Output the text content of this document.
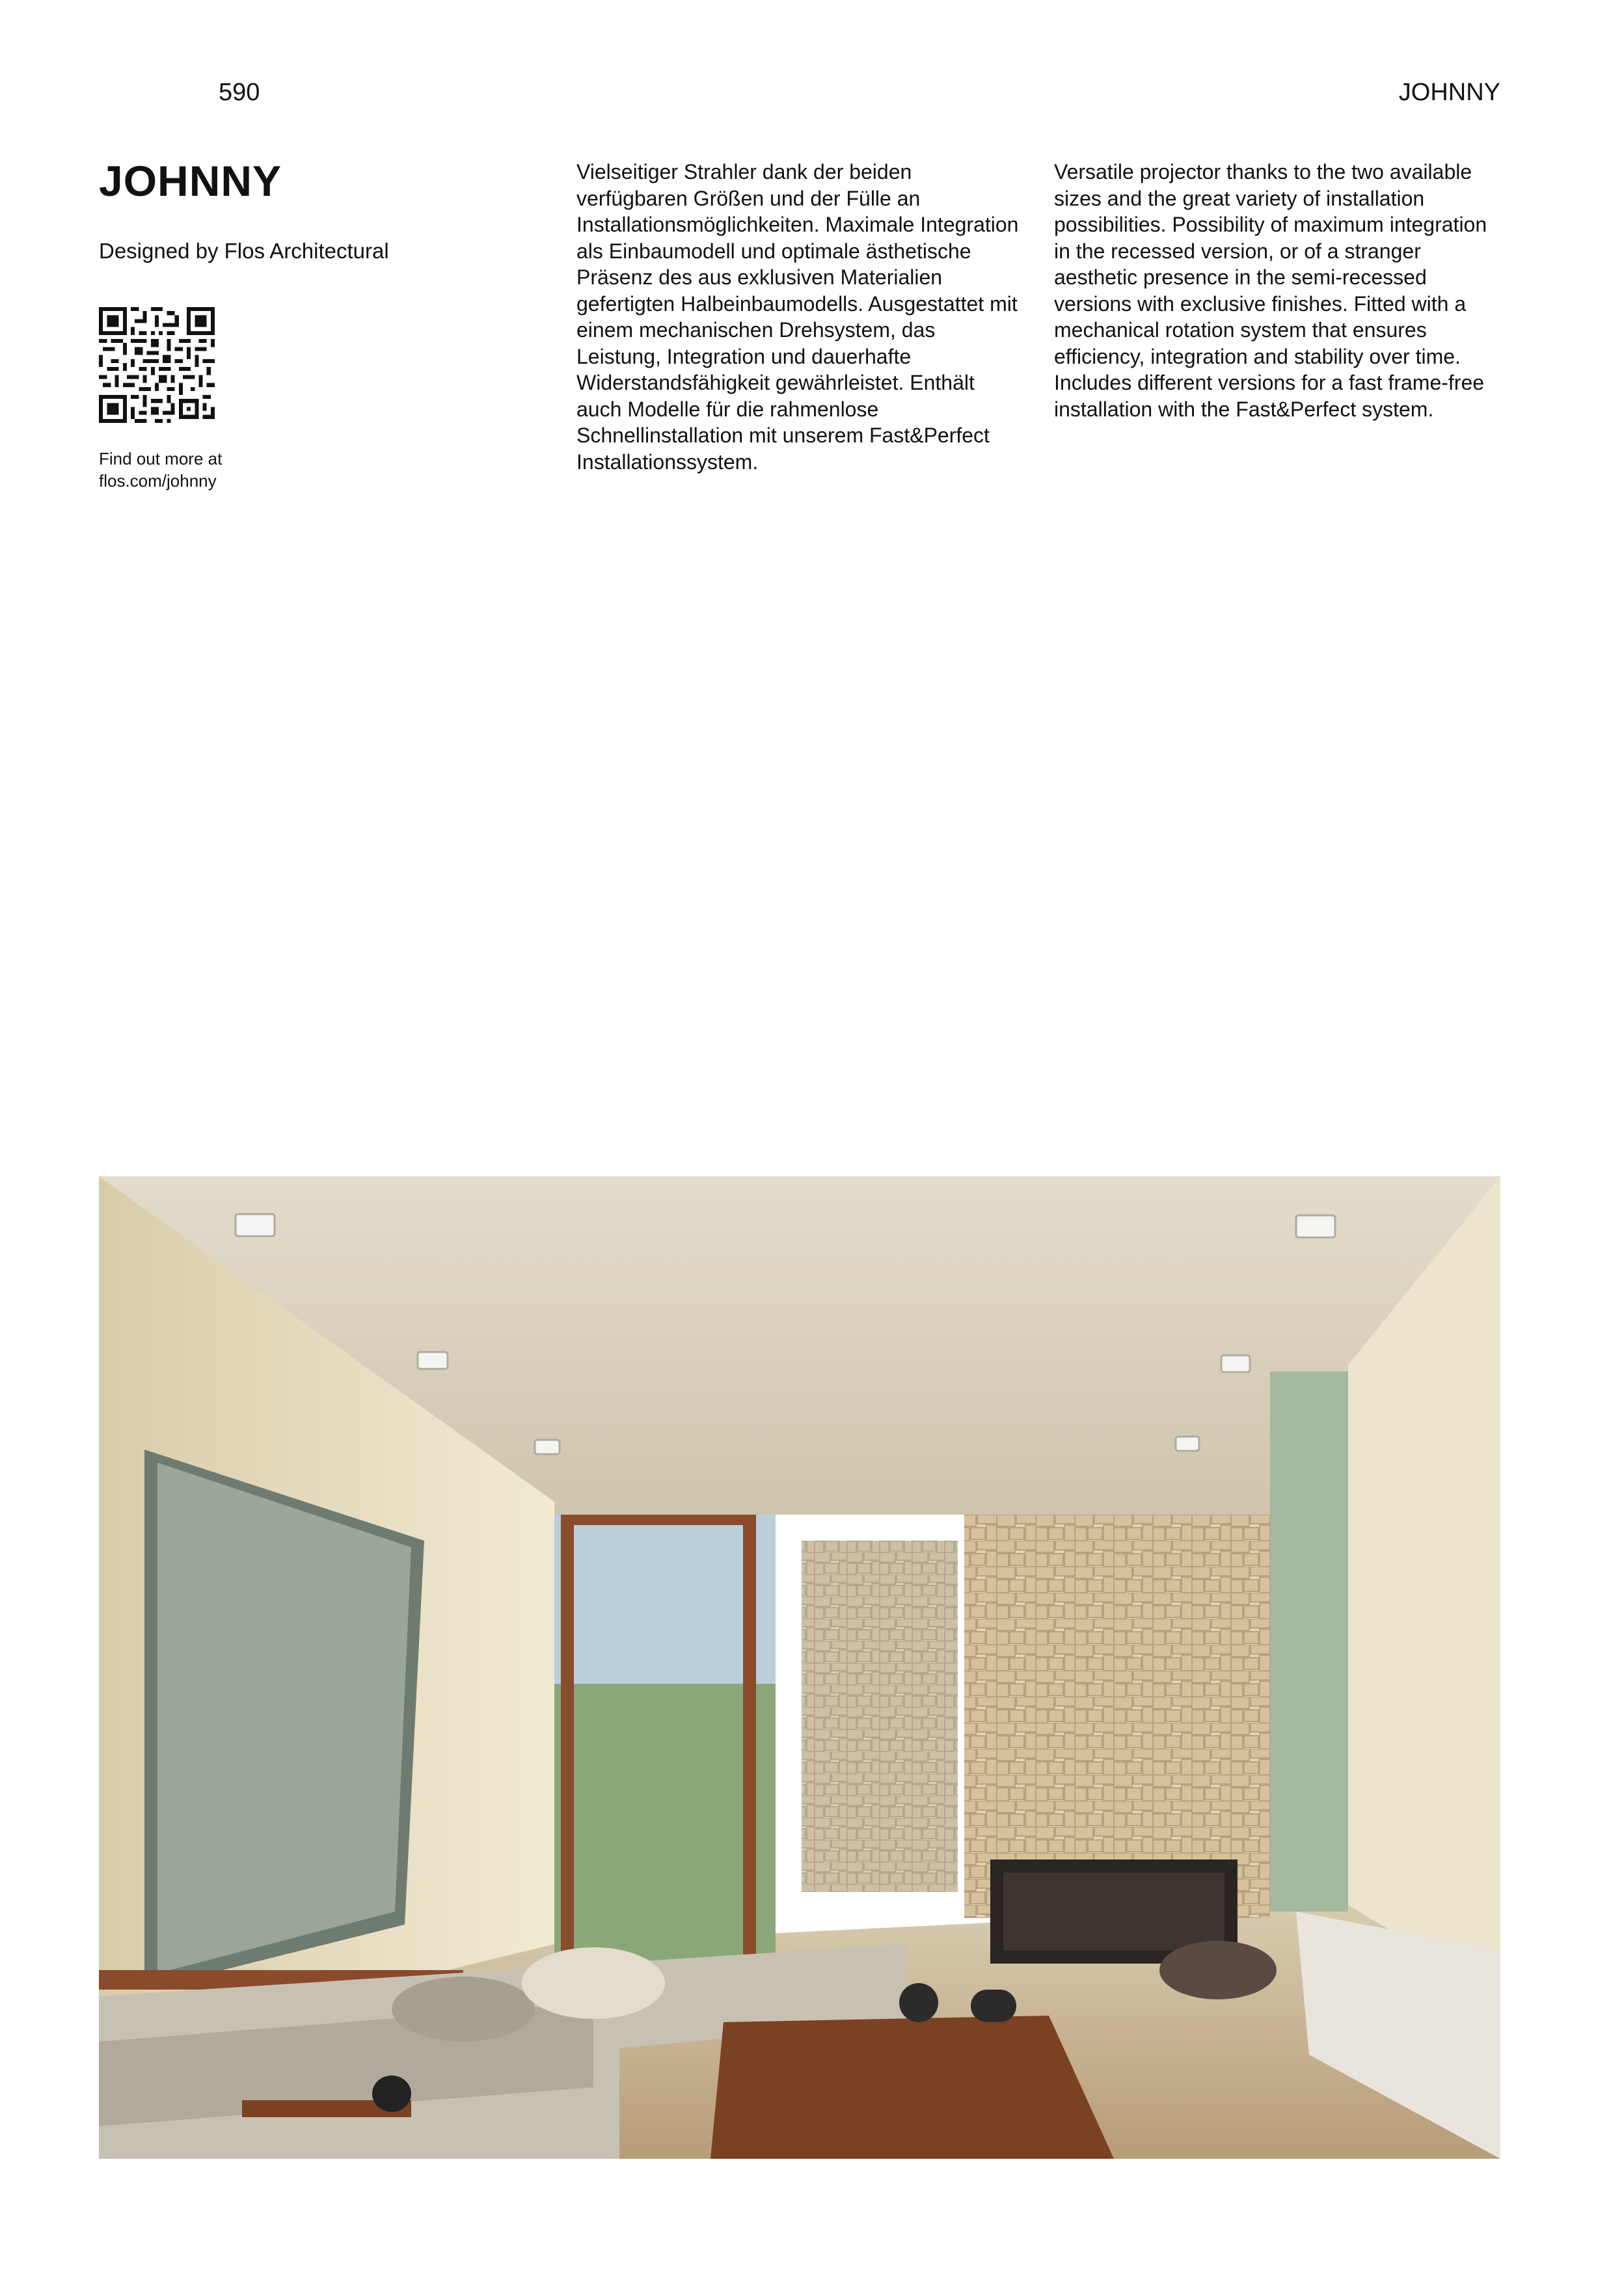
590	JOHNNY
JOHNNY
Designed by Flos Architectural
Find out more at
flos.com/johnny
Vielseitiger Strahler dank der beiden verfügbaren Größen und der Fülle an Installationsmöglichkeiten. Maximale Integration als Einbaumodell und optimale ästhetische Präsenz des aus exklusiven Materialien gefertigten Halbeinbaumodells. Ausgestattet mit einem mechanischen Drehsystem, das Leistung, Integration und dauerhafte Widerstandsfähigkeit gewährleistet. Enthält auch Modelle für die rahmenlose Schnellinstallation mit unserem Fast&Perfect Installationssystem.
Versatile projector thanks to the two available sizes and the great variety of installation possibilities. Possibility of maximum integration in the recessed version, or of a stranger aesthetic presence in the semi-recessed versions with exclusive finishes. Fitted with a mechanical rotation system that ensures efficiency, integration and stability over time. Includes different versions for a fast frame-free installation with the Fast&Perfect system.
